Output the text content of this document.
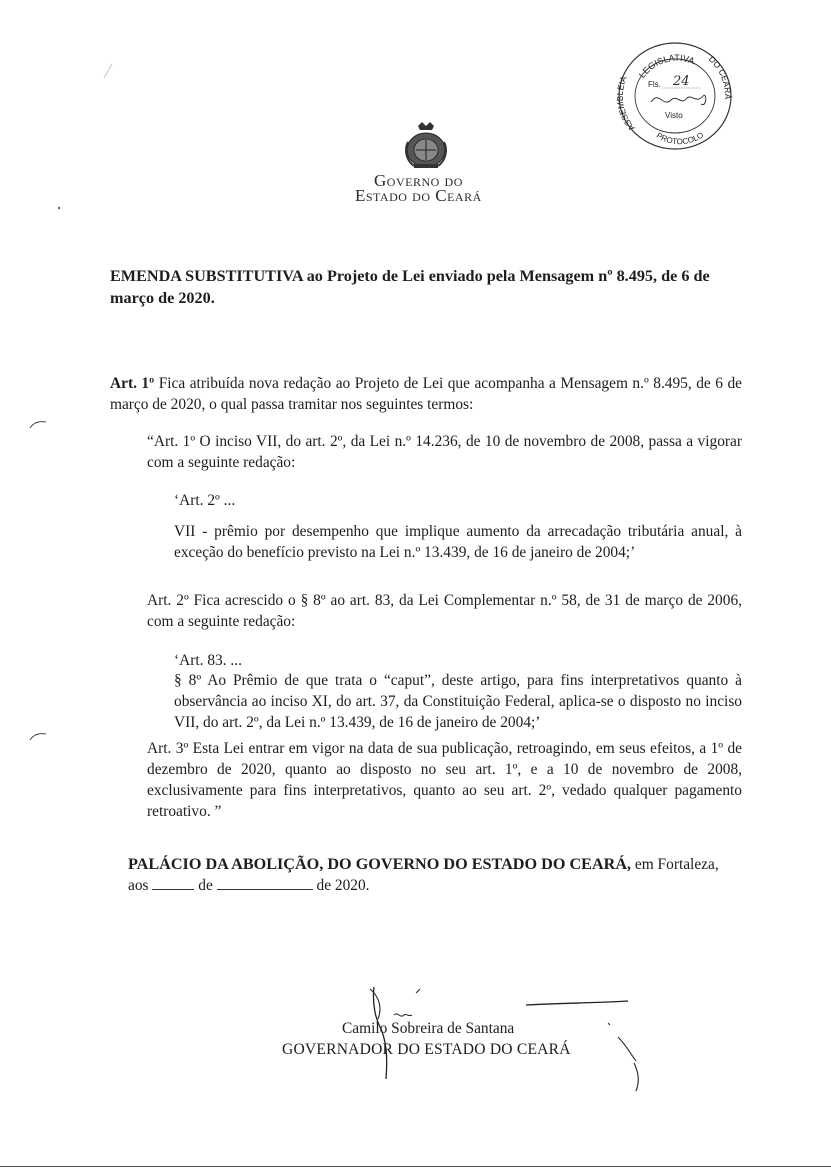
LEGISLATIVA
ASSEMBLEIA
DO CEARÁ
PROTOCOLO
Fls. 24
Visto
Governo do
Estado do Ceará
EMENDA SUBSTITUTIVA ao Projeto de Lei enviado pela Mensagem nº 8.495, de 6 de março de 2020.
Art. 1º Fica atribuída nova redação ao Projeto de Lei que acompanha a Mensagem n.º 8.495, de 6 de março de 2020, o qual passa tramitar nos seguintes termos:
“Art. 1º O inciso VII, do art. 2º, da Lei n.º 14.236, de 10 de novembro de 2008, passa a vigorar com a seguinte redação:
‘Art. 2º ...
VII - prêmio por desempenho que implique aumento da arrecadação tributária anual, à exceção do benefício previsto na Lei n.º 13.439, de 16 de janeiro de 2004;’
Art. 2º Fica acrescido o § 8º ao art. 83, da Lei Complementar n.º 58, de 31 de março de 2006, com a seguinte redação:
‘Art. 83. ...
§ 8º Ao Prêmio de que trata o “caput”, deste artigo, para fins interpretativos quanto à observância ao inciso XI, do art. 37, da Constituição Federal, aplica-se o disposto no inciso VII, do art. 2º, da Lei n.º 13.439, de 16 de janeiro de 2004;’
Art. 3º Esta Lei entrar em vigor na data de sua publicação, retroagindo, em seus efeitos, a 1º de dezembro de 2020, quanto ao disposto no seu art. 1º, e a 10 de novembro de 2008, exclusivamente para fins interpretativos, quanto ao seu art. 2º, vedado qualquer pagamento retroativo. ”
PALÁCIO DA ABOLIÇÃO, DO GOVERNO DO ESTADO DO CEARÁ, em Fortaleza,
aos	de	de 2020.
Camilo Sobreira de Santana
GOVERNADOR DO ESTADO DO CEARÁ
